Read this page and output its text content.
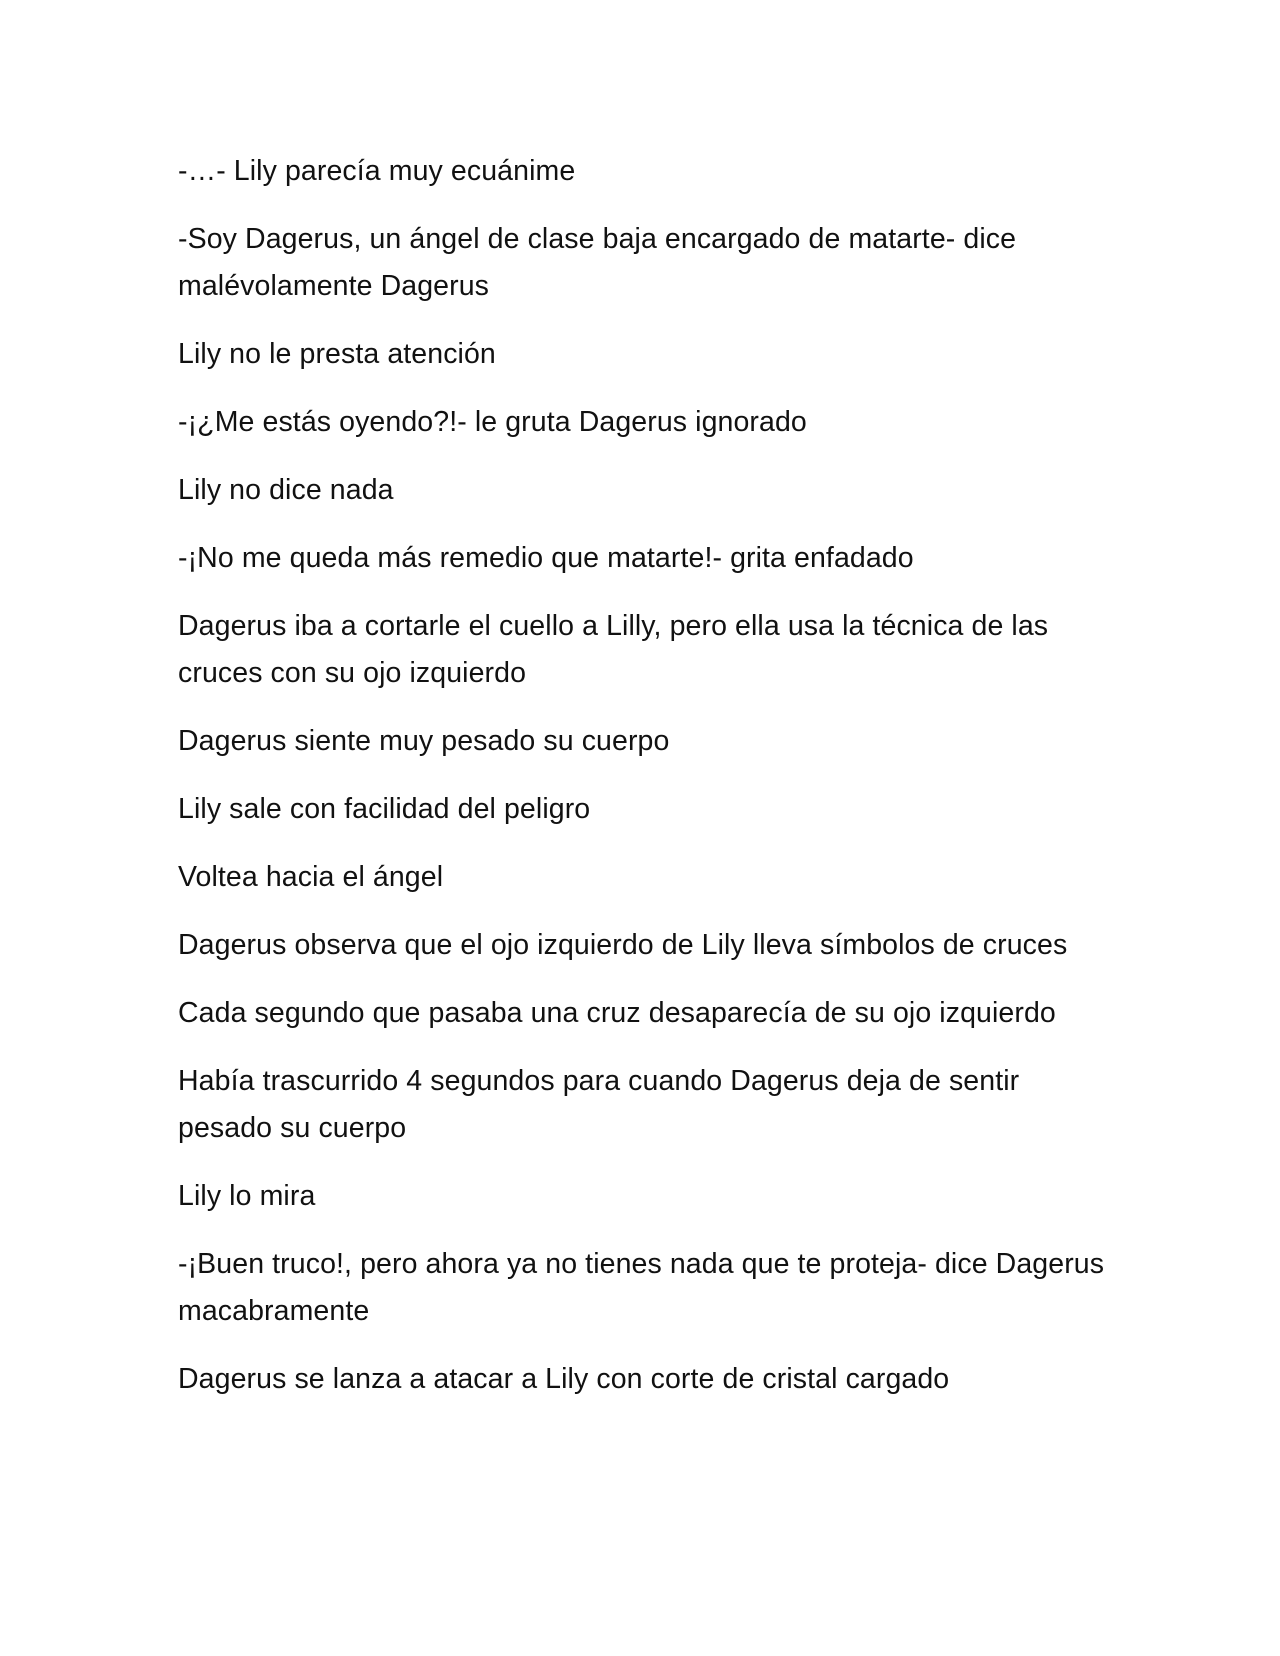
-…- Lily parecía muy ecuánime

-Soy Dagerus, un ángel de clase baja encargado de matarte- dice malévolamente Dagerus

Lily no le presta atención

-¡¿Me estás oyendo?!- le gruta Dagerus ignorado

Lily no dice nada

-¡No me queda más remedio que matarte!- grita enfadado

Dagerus iba a cortarle el cuello a Lilly, pero ella usa la técnica de las cruces con su ojo izquierdo

Dagerus siente muy pesado su cuerpo

Lily sale con facilidad del peligro

Voltea hacia el ángel

Dagerus observa que el ojo izquierdo de Lily lleva símbolos de cruces

Cada segundo que pasaba una cruz desaparecía de su ojo izquierdo

Había trascurrido 4 segundos para cuando Dagerus deja de sentir pesado su cuerpo

Lily lo mira

-¡Buen truco!, pero ahora ya no tienes nada que te proteja- dice Dagerus macabramente

Dagerus se lanza a atacar a Lily con corte de cristal cargado
